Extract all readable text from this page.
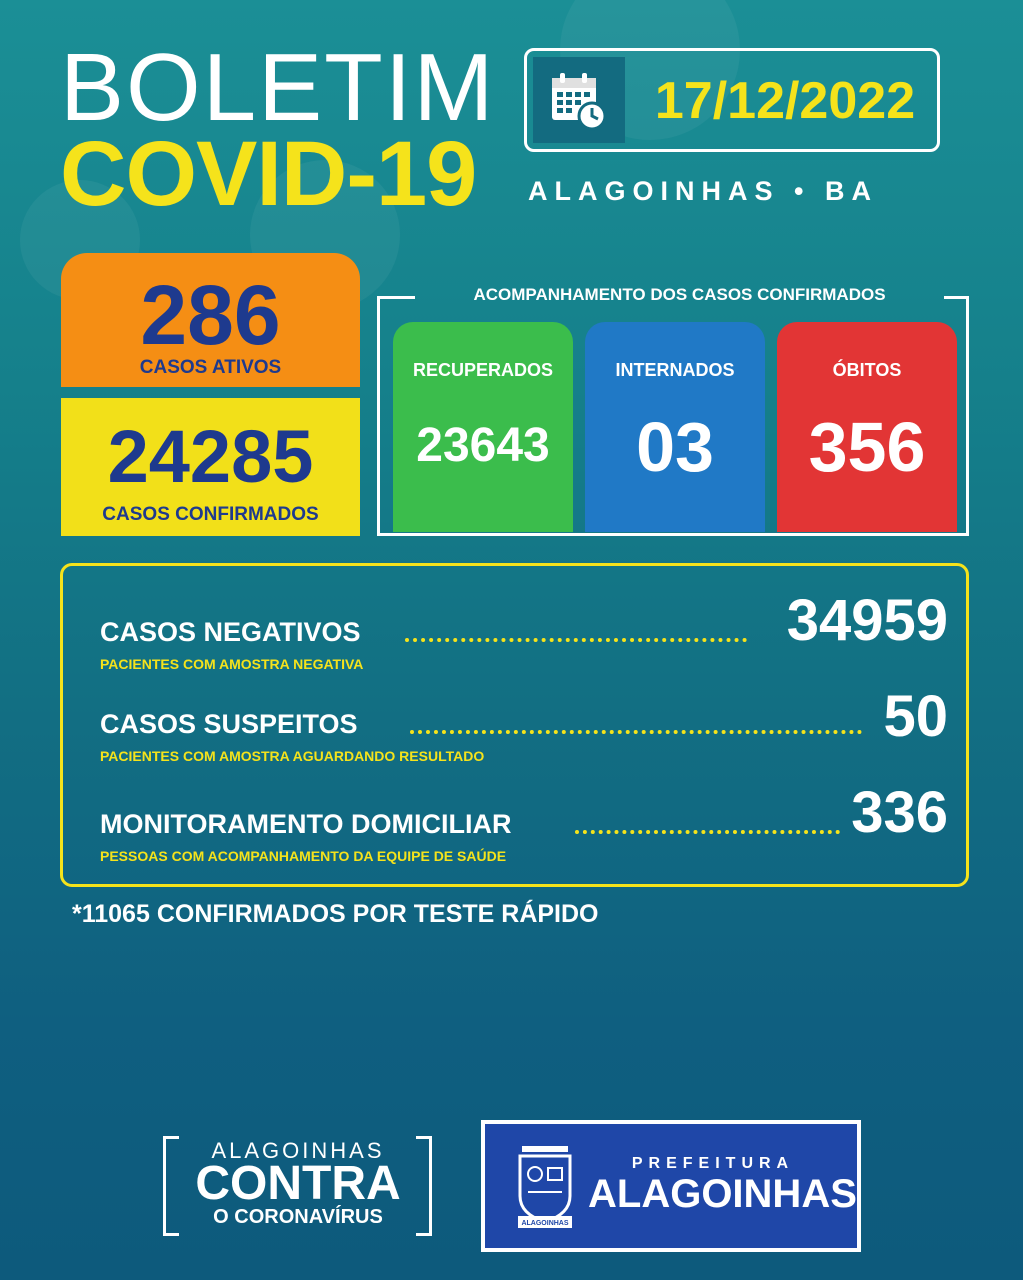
BOLETIM
COVID-19
17/12/2022
ALAGOINHAS • BA
286
CASOS ATIVOS
24285
CASOS CONFIRMADOS
ACOMPANHAMENTO DOS CASOS CONFIRMADOS
RECUPERADOS
23643
INTERNADOS
03
ÓBITOS
356
CASOS NEGATIVOS	34959
PACIENTES COM AMOSTRA NEGATIVA
CASOS SUSPEITOS	50
PACIENTES COM AMOSTRA AGUARDANDO RESULTADO
MONITORAMENTO DOMICILIAR	336
PESSOAS COM ACOMPANHAMENTO DA EQUIPE DE SAÚDE
*11065 CONFIRMADOS POR TESTE RÁPIDO
ALAGOINHAS
CONTRA
O CORONAVÍRUS	ALAGOINHAS
PREFEITURA
ALAGOINHAS
